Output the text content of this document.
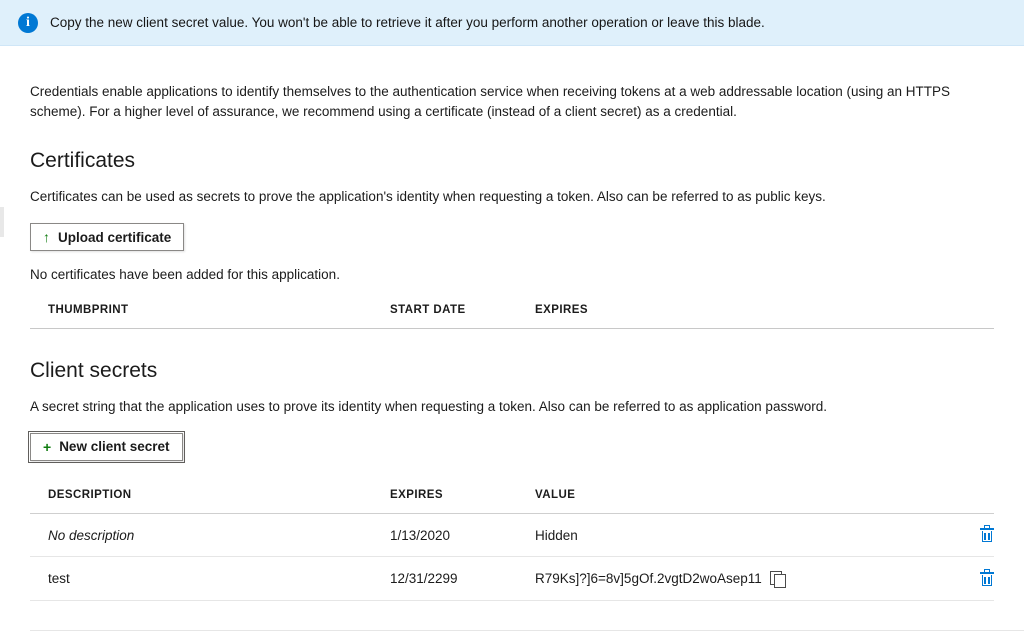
i	Copy the new client secret value. You won't be able to retrieve it after you perform another operation or leave this blade.

Credentials enable applications to identify themselves to the authentication service when receiving tokens at a web addressable location (using an HTTPS scheme). For a higher level of assurance, we recommend using a certificate (instead of a client secret) as a credential.

Certificates

Certificates can be used as secrets to prove the application's identity when requesting a token. Also can be referred to as public keys.

↑ Upload certificate

No certificates have been added for this application.

THUMBPRINT	START DATE	EXPIRES
Client secrets

A secret string that the application uses to prove its identity when requesting a token. Also can be referred to as application password.

+ New client secret
DESCRIPTION	EXPIRES	VALUE	
No description	1/13/2020	Hidden	

test	12/31/2299	R79Ks]?]6=8v]5gOf.2vgtD2woAsep11	
